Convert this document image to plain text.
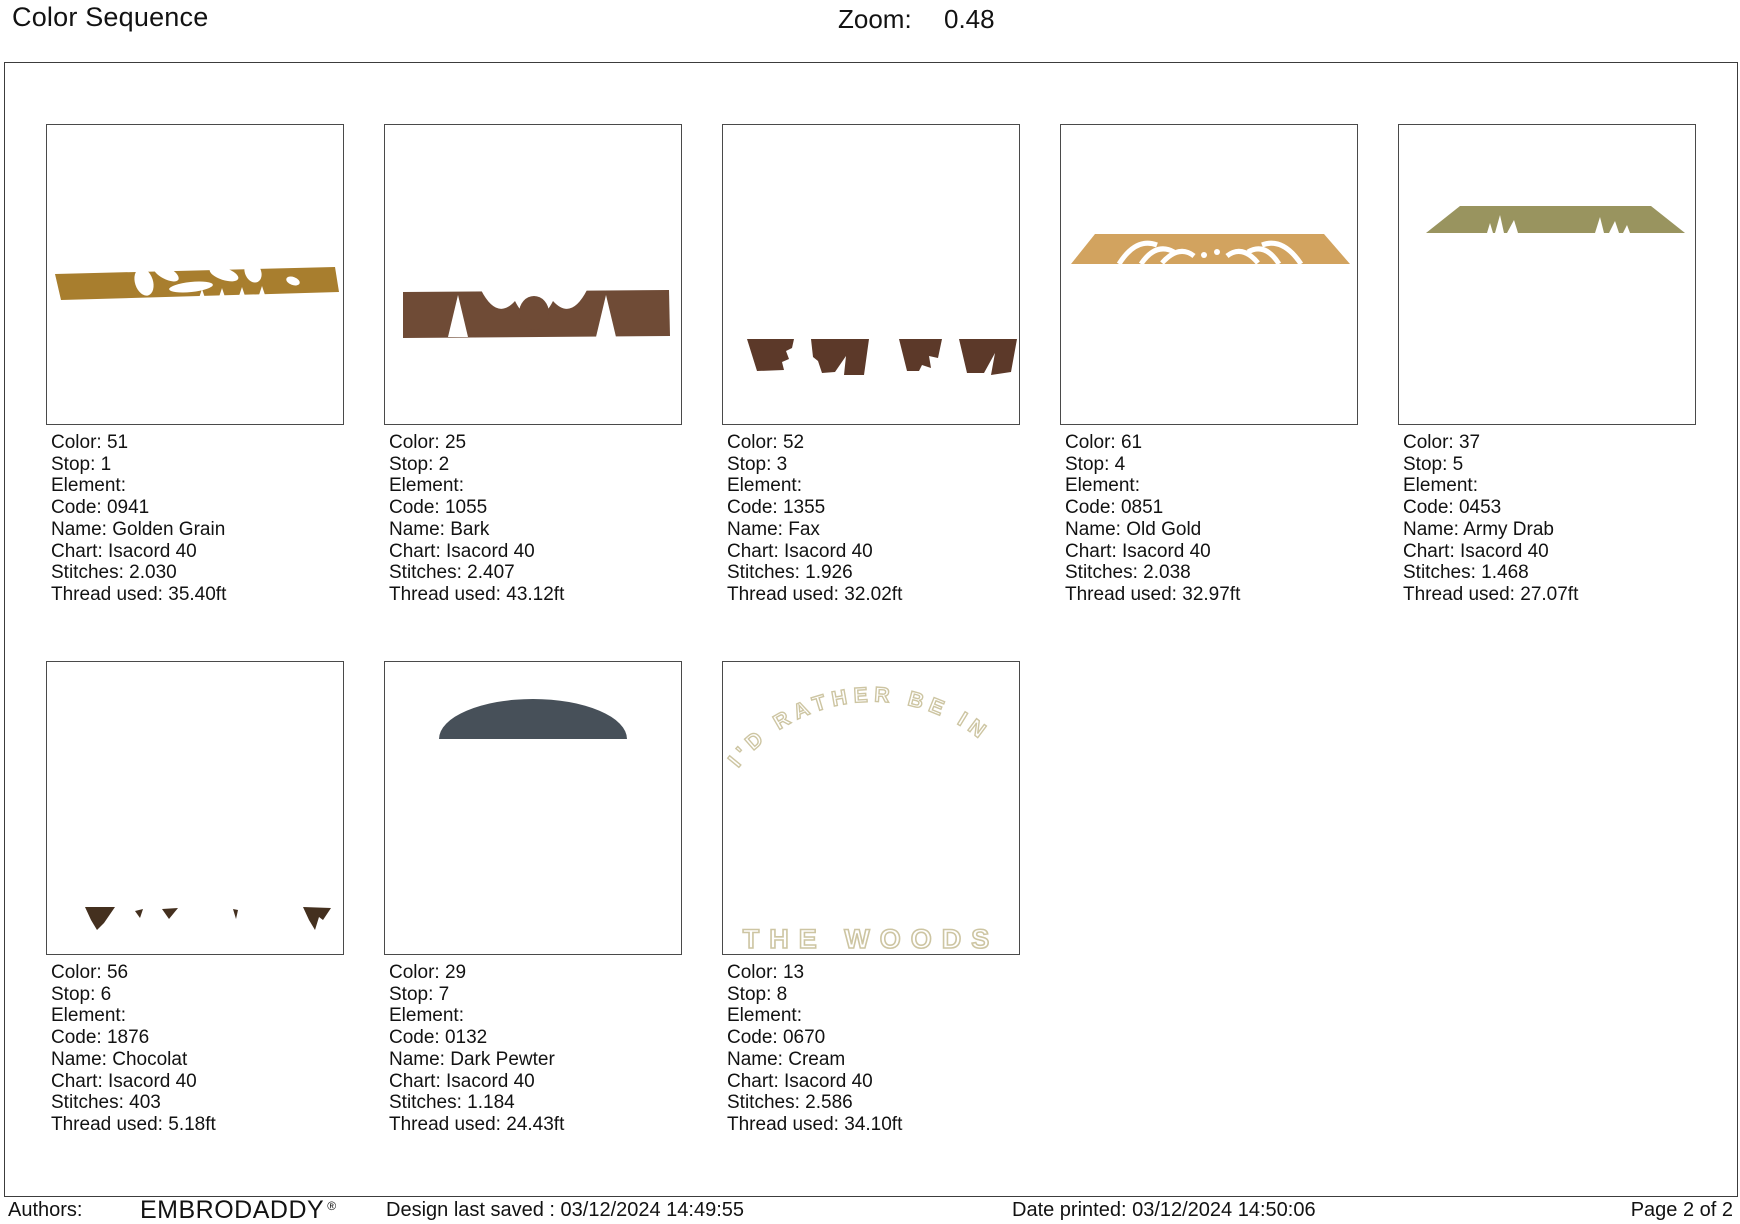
Color Sequence	Zoom: 0.48
Color: 51
Stop: 1
Element:
Code: 0941
Name: Golden Grain
Chart: Isacord 40
Stitches: 2.030
Thread used: 35.40ft
Color: 25
Stop: 2
Element:
Code: 1055
Name: Bark
Chart: Isacord 40
Stitches: 2.407
Thread used: 43.12ft
Color: 52
Stop: 3
Element:
Code: 1355
Name: Fax
Chart: Isacord 40
Stitches: 1.926
Thread used: 32.02ft
Color: 61
Stop: 4
Element:
Code: 0851
Name: Old Gold
Chart: Isacord 40
Stitches: 2.038
Thread used: 32.97ft
Color: 37
Stop: 5
Element:
Code: 0453
Name: Army Drab
Chart: Isacord 40
Stitches: 1.468
Thread used: 27.07ft
Color: 56
Stop: 6
Element:
Code: 1876
Name: Chocolat
Chart: Isacord 40
Stitches: 403
Thread used: 5.18ft
Color: 29
Stop: 7
Element:
Code: 0132
Name: Dark Pewter
Chart: Isacord 40
Stitches: 1.184
Thread used: 24.43ft
I'D RATHER BE IN
THE WOODS
Color: 13
Stop: 8
Element:
Code: 0670
Name: Cream
Chart: Isacord 40
Stitches: 2.586
Thread used: 34.10ft
Authors: EMBRODADDY ® Design last saved : 03/12/2024 14:49:55	Date printed: 03/12/2024 14:50:06	Page 2 of 2
